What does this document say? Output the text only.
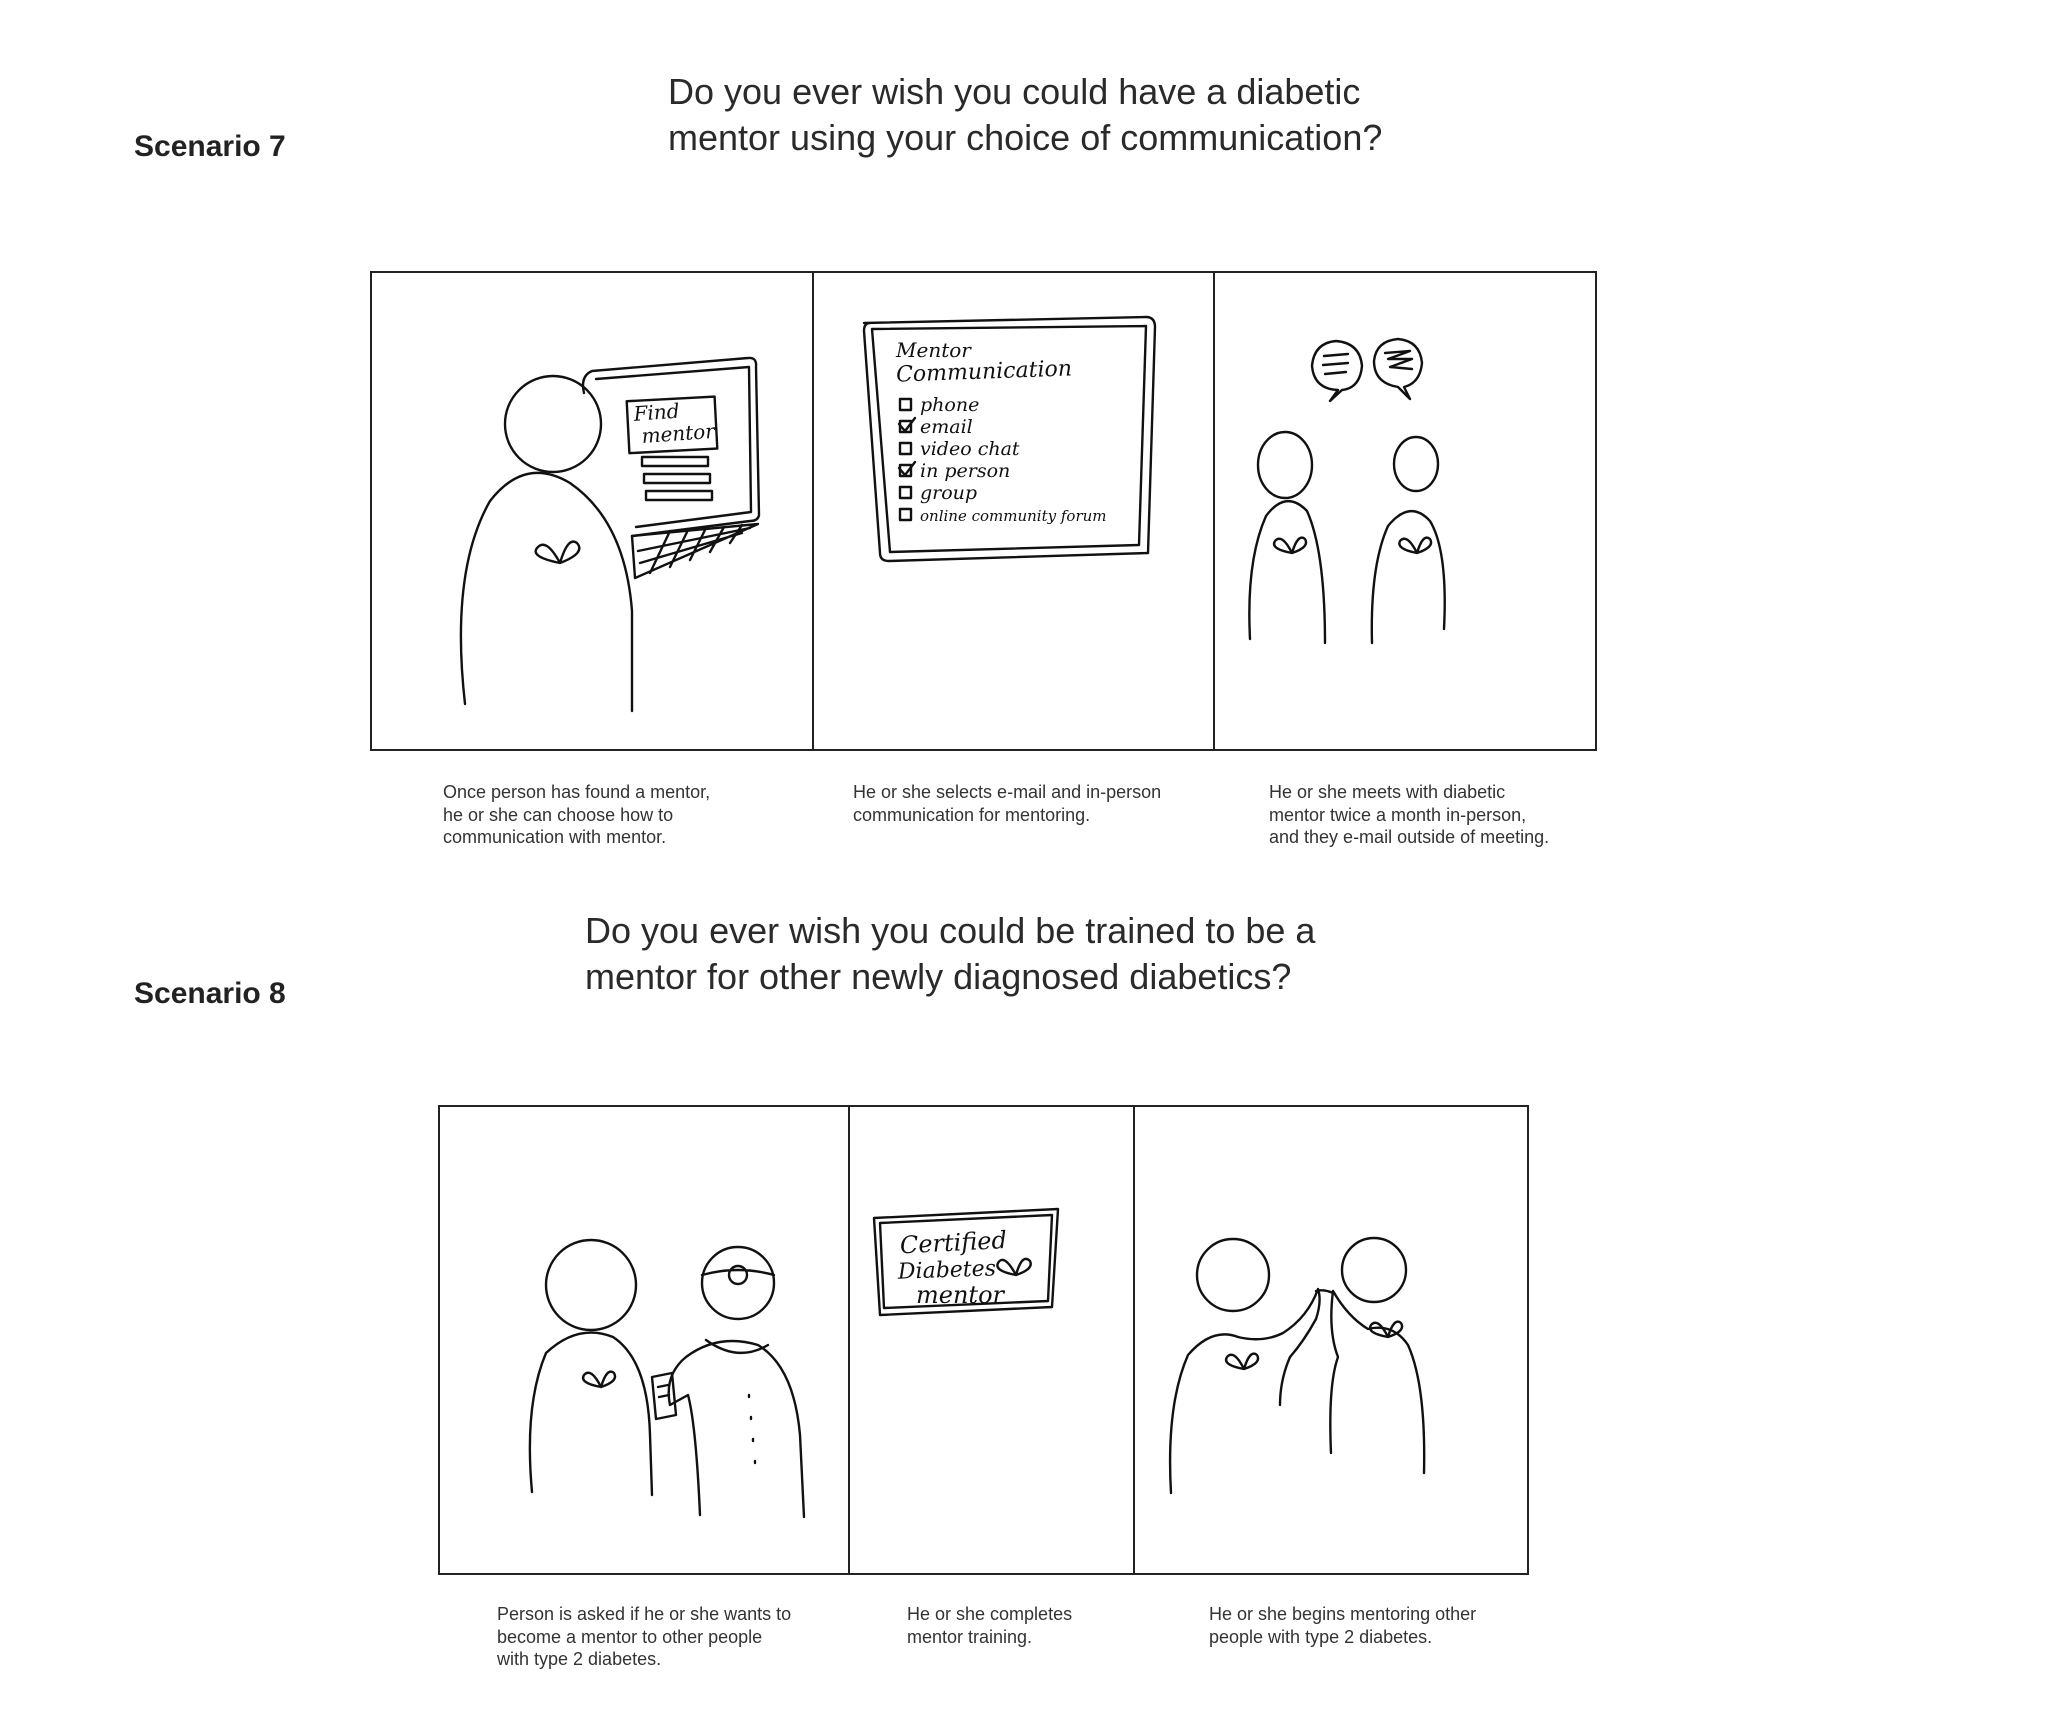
Scenario 7
Do you ever wish you could have a diabetic
mentor using your choice of communication?
Find
mentor
Mentor
Communication
phone
email
video chat
in person
group
online community forum
Once person has found a mentor,
he or she can choose how to
communication with mentor.
He or she selects e-mail and in-person
communication for mentoring.
He or she meets with diabetic
mentor twice a month in-person,
and they e-mail outside of meeting.
Scenario 8
Do you ever wish you could be trained to be a
mentor for other newly diagnosed diabetics?
Certified
Diabetes
mentor
Person is asked if he or she wants to
become a mentor to other people
with type 2 diabetes.
He or she completes
mentor training.
He or she begins mentoring other
people with type 2 diabetes.
